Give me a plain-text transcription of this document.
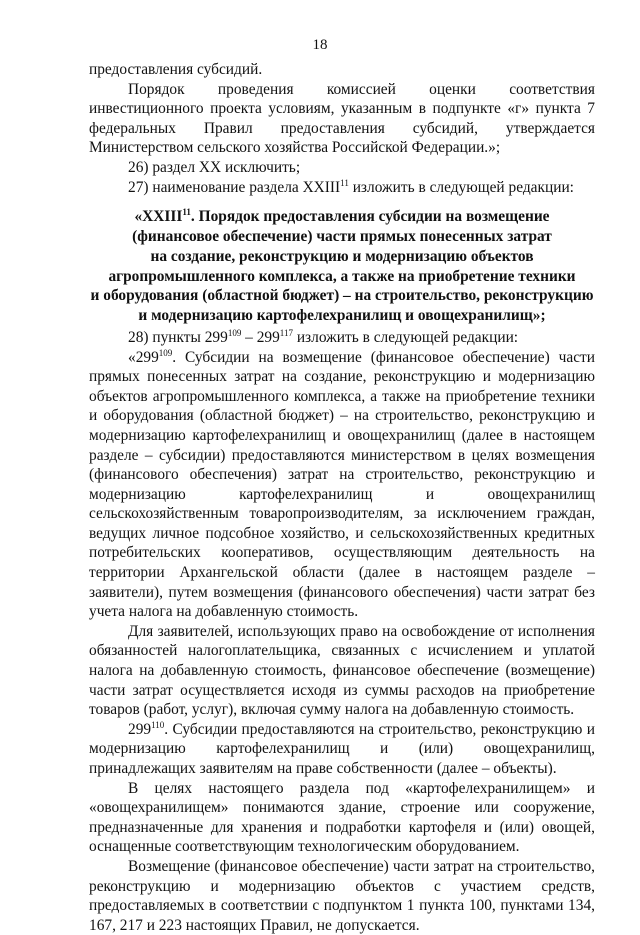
18

предоставления субсидий.

Порядок проведения комиссией оценки соответствия инвестиционного проекта условиям, указанным в подпункте «г» пункта 7 федеральных Правил предоставления субсидий, утверждается Министерством сельского хозяйства Российской Федерации.»;

26) раздел XX исключить;

27) наименование раздела XXIII$^{11}$ изложить в следующей редакции:

«XXIII$^{11}$. Порядок предоставления субсидии на возмещение
(финансовое обеспечение) части прямых понесенных затрат
на создание, реконструкцию и модернизацию объектов
агропромышленного комплекса, а также на приобретение техники
и оборудования (областной бюджет) – на строительство, реконструкцию
и модернизацию картофелехранилищ и овощехранилищ»;

28) пункты $299^{109} - 299^{117}$ изложить в следующей редакции:

«$299^{109}$. Субсидии на возмещение (финансовое обеспечение) части прямых понесенных затрат на создание, реконструкцию и модернизацию объектов агропромышленного комплекса, а также на приобретение техники и оборудования (областной бюджет) – на строительство, реконструкцию и модернизацию картофелехранилищ и овощехранилищ (далее в настоящем разделе – субсидии) предоставляются министерством в целях возмещения (финансового обеспечения) затрат на строительство, реконструкцию и модернизацию картофелехранилищ и овощехранилищ сельскохозяйственным товаропроизводителям, за исключением граждан, ведущих личное подсобное хозяйство, и сельскохозяйственных кредитных потребительских кооперативов, осуществляющим деятельность на территории Архангельской области (далее в настоящем разделе – заявители), путем возмещения (финансового обеспечения) части затрат без учета налога на добавленную стоимость.

Для заявителей, использующих право на освобождение от исполнения обязанностей налогоплательщика, связанных с исчислением и уплатой налога на добавленную стоимость, финансовое обеспечение (возмещение) части затрат осуществляется исходя из суммы расходов на приобретение товаров (работ, услуг), включая сумму налога на добавленную стоимость.

$299^{110}$. Субсидии предоставляются на строительство, реконструкцию и модернизацию картофелехранилищ и (или) овощехранилищ, принадлежащих заявителям на праве собственности (далее – объекты).

В целях настоящего раздела под «картофелехранилищем» и «овощехранилищем» понимаются здание, строение или сооружение, предназначенные для хранения и подработки картофеля и (или) овощей, оснащенные соответствующим технологическим оборудованием.

Возмещение (финансовое обеспечение) части затрат на строительство, реконструкцию и модернизацию объектов с участием средств, предоставляемых в соответствии с подпунктом 1 пункта 100, пунктами 134, 167, 217 и 223 настоящих Правил, не допускается.
